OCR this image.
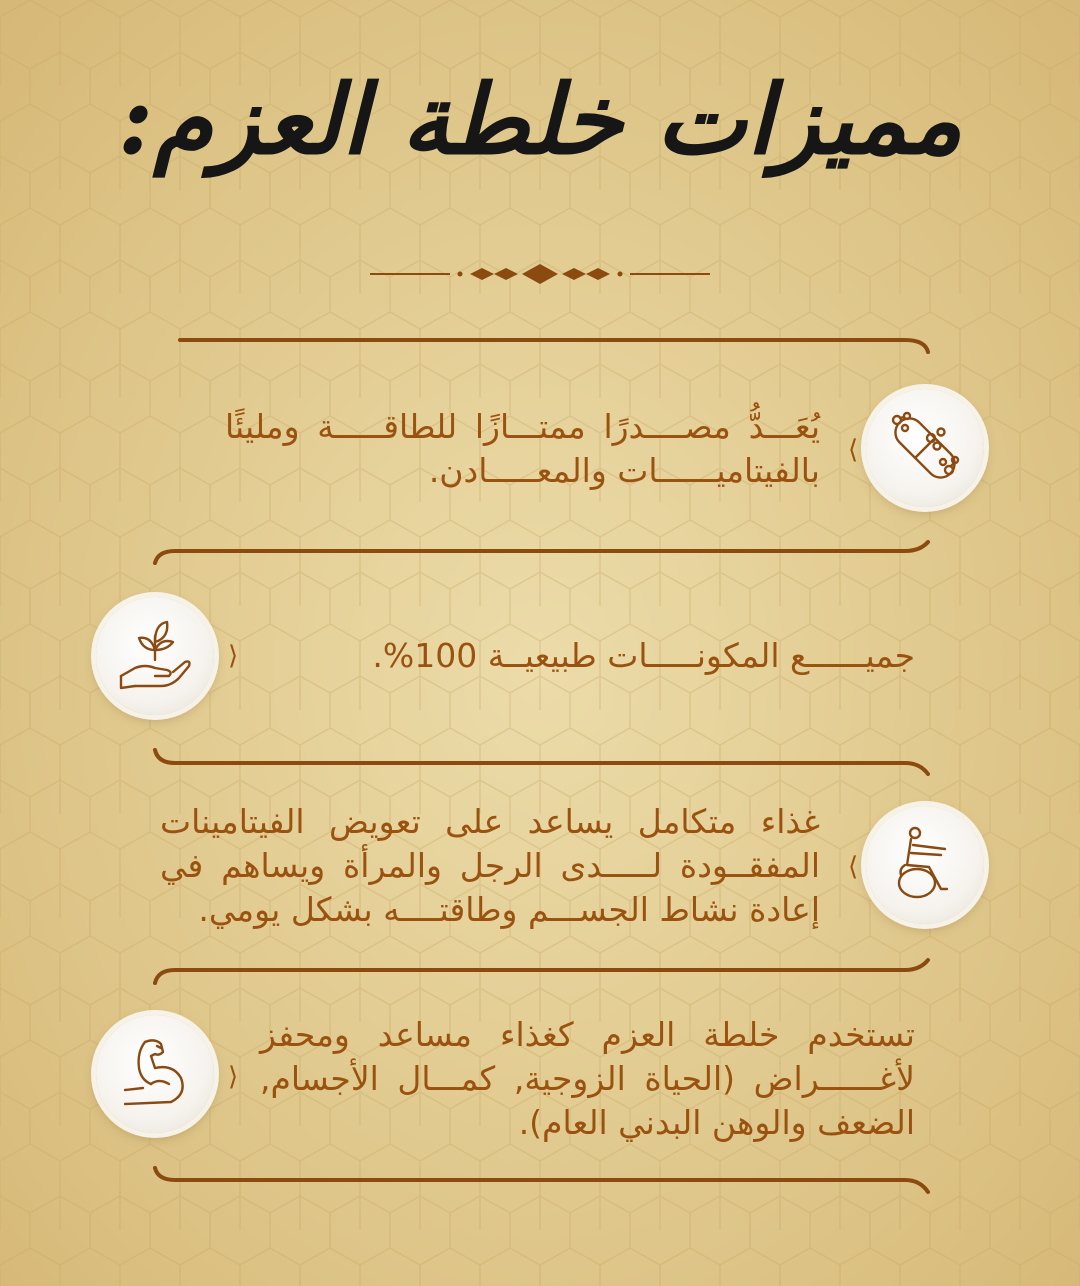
مميزات خلطة العزم:
يُعَـــدُّ مصــــدرًا ممتـــازًا للطاقـــــة ومليئًا بالفيتاميــــــات والمعـــــادن.
⟨
جميــــــع المكونـــــات طبيعيــة 100%.
⟩
غذاء متكامل يساعد على تعويض الفيتامينات المفقــودة لـــــدى الرجل والمرأة ويساهم في إعادة نشاط الجســـم وطاقتــــه بشكل يومي.
⟨
تستخدم خلطة العزم كغذاء مساعد ومحفز لأغــــــراض (الحياة الزوجية, كمـــال الأجسام, الضعف والوهن البدني العام).
⟩
